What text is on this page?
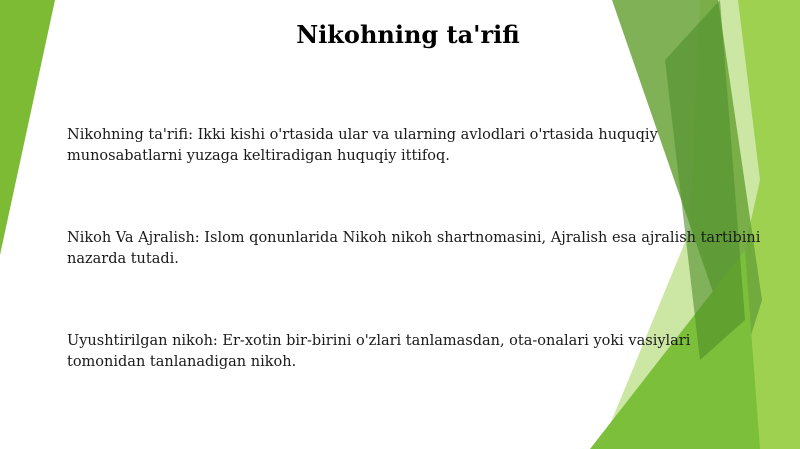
Nikohning ta'rifi

Nikohning ta'rifi: Ikki kishi o'rtasida ular va ularning avlodlari o'rtasida huquqiy munosabatlarni yuzaga keltiradigan huquqiy ittifoq.

Nikoh Va Ajralish: Islom qonunlarida Nikoh nikoh shartnomasini, Ajralish esa ajralish tartibini nazarda tutadi.

Uyushtirilgan nikoh: Er-xotin bir-birini o'zlari tanlamasdan, ota-onalari yoki vasiylari tomonidan tanlanadigan nikoh.
